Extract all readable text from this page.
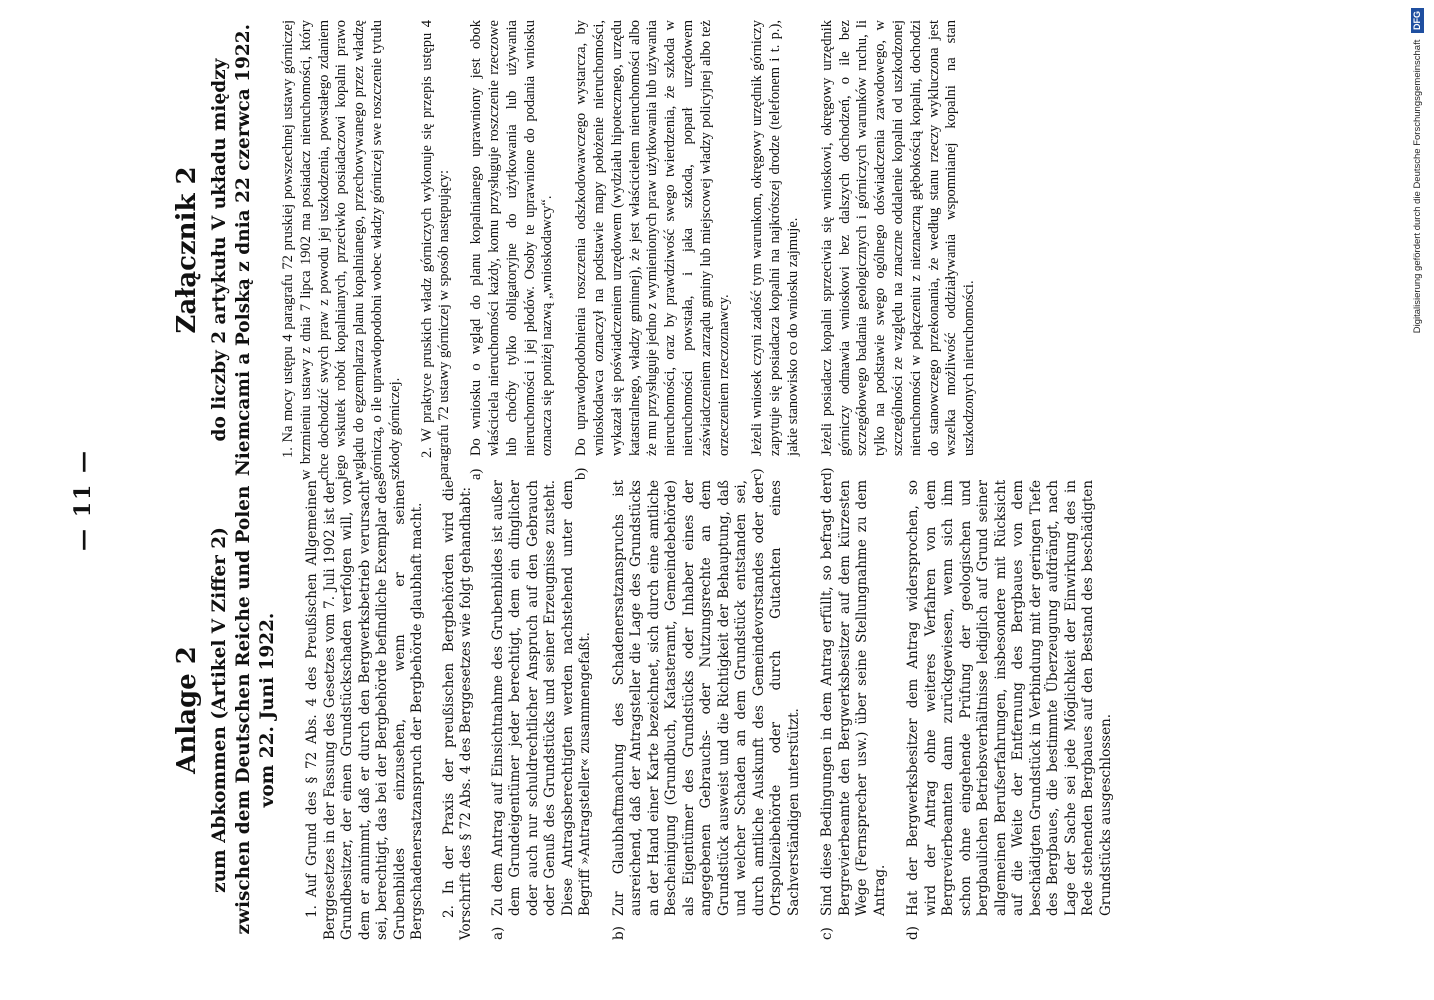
— 11 —
Anlage 2 zum Abkommen (Artikel V Ziffer 2) zwischen dem Deutschen Reiche und Polen vom 22. Juni 1922. 1. Auf Grund des § 72 Abs. 4 des Preußischen Allgemeinen Berggesetzes in der Fassung des Gesetzes vom 7. Juli 1902 ist der Grundbesitzer, der einen Grundstückschaden verfolgen will, von dem er annimmt, daß er durch den Bergwerksbetrieb verursacht sei, berechtigt, das bei der Bergbehörde befindliche Exemplar des Grubenbildes einzusehen, wenn er seinen Bergschadenersatzanspruch der Bergbehörde glaubhaft macht. 2. In der Praxis der preußischen Bergbehörden wird die Vorschrift des § 72 Abs. 4 des Berggesetzes wie folgt gehandhabt: a)
Zu dem Antrag auf Einsichtnahme des Grubenbildes ist außer dem Grundeigentümer jeder berechtigt, dem ein dinglicher oder auch nur schuldrechtlicher Anspruch auf den Gebrauch oder Genuß des Grundstücks und seiner Erzeugnisse zusteht. Diese Antragsberechtigten werden nachstehend unter dem Begriff »Antragsteller« zusammengefaßt.
b)
Zur Glaubhaftmachung des Schadenersatzanspruchs ist ausreichend, daß der Antragsteller die Lage des Grundstücks an der Hand einer Karte bezeichnet, sich durch eine amtliche Bescheinigung (Grundbuch, Katasteramt, Gemeindebehörde) als Eigentümer des Grundstücks oder Inhaber eines der angegebenen Gebrauchs- oder Nutzungsrechte an dem Grundstück ausweist und die Richtigkeit der Behauptung, daß und welcher Schaden an dem Grundstück entstanden sei, durch amtliche Auskunft des Gemeindevorstandes oder der Ortspolizeibehörde oder durch Gutachten eines Sachverständigen unterstützt.
c)
Sind diese Bedingungen in dem Antrag erfüllt, so befragt der Bergrevierbeamte den Bergwerksbesitzer auf dem kürzesten Wege (Fernsprecher usw.) über seine Stellungnahme zu dem Antrag.
d)
Hat der Bergwerksbesitzer dem Antrag widersprochen, so wird der Antrag ohne weiteres Verfahren von dem Bergrevierbeamten dann zurückgewiesen, wenn sich ihm schon ohne eingehende Prüfung der geologischen und bergbaulichen Betriebsverhältnisse lediglich auf Grund seiner allgemeinen Berufserfahrungen, insbesondere mit Rücksicht auf die Weite der Entfernung des Bergbaues von dem beschädigten Grundstück in Verbindung mit der geringen Tiefe des Bergbaues, die bestimmte Überzeugung aufdrängt, nach Lage der Sache sei jede Möglichkeit der Einwirkung des in Rede stehenden Bergbaues auf den Bestand des beschädigten Grundstücks ausgeschlossen.
Załącznik 2 do liczby 2 artykułu V układu między Niemcami a Polską z dnia 22 czerwca 1922. 1. Na mocy ustępu 4 paragrafu 72 pruskiej powszechnej ustawy górniczej w brzmieniu ustawy z dnia 7 lipca 1902 ma posiadacz nieruchomości, który chce dochodzić swych praw z powodu jej uszkodzenia, powstałego zdaniem jego wskutek robót kopalnianych, przeciwko posiadaczowi kopalni prawo wglądu do egzemplarza planu kopalnianego, przechowywanego przez władzę górniczą, o ile uprawdopodobni wobec władzy górniczej swe roszczenie tytułu szkody górniczej. 2. W praktyce pruskich władz górniczych wykonuje się przepis ustępu 4 paragrafu 72 ustawy górniczej w sposób następujący: a)
Do wniosku o wgląd do planu kopalnianego uprawniony jest obok właściciela nieruchomości każdy, komu przysługuje roszczenie rzeczowe lub choćby tylko obligatoryjne do użytkowania lub używania nieruchomości i jej płodów. Osoby te uprawnione do podania wniosku oznacza się poniżej nazwą „wnioskodawcy“.
b)
Do uprawdopodobnienia roszczenia odszkodowawczego wystarcza, by wnioskodawca oznaczył na podstawie mapy położenie nieruchomości, wykazał się poświadczeniem urzędowem (wydziału hipotecznego, urzędu katastralnego, władzy gminnej), że jest właścicielem nieruchomości albo że mu przysługuje jedno z wymienionych praw użytkowania lub używania nieruchomości, oraz by prawdziwość swego twierdzenia, że szkoda w nieruchomości powstała, i jaka szkoda, poparł urzędowem zaświadczeniem zarządu gminy lub miejscowej władzy policyjnej albo też orzeczeniem rzeczoznawcy.
c)
Jeżeli wniosek czyni zadość tym warunkom, okręgowy urzędnik górniczy zapytuje się posiadacza kopalni na najkrótszej drodze (telefonem i t. p.), jakie stanowisko co do wniosku zajmuje.
d)
Jeżeli posiadacz kopalni sprzeciwia się wnioskowi, okręgowy urzędnik górniczy odmawia wnioskowi bez dalszych dochodzeń, o ile bez szczegółowego badania geologicznych i górniczych warunków ruchu, li tylko na podstawie swego ogólnego doświadczenia zawodowego, w szczególności ze względu na znaczne oddalenie kopalni od uszkodzonej nieruchomości w połączeniu z nieznaczną głębokością kopalni, dochodzi do stanowczego przekonania, że według stanu rzeczy wykluczona jest wszelka możliwość oddziaływania wspomnianej kopalni na stan uszkodzonych nieruchomości.
Digitalisierung gefördert durch die Deutsche Forschungsgemeinschaft DFG
